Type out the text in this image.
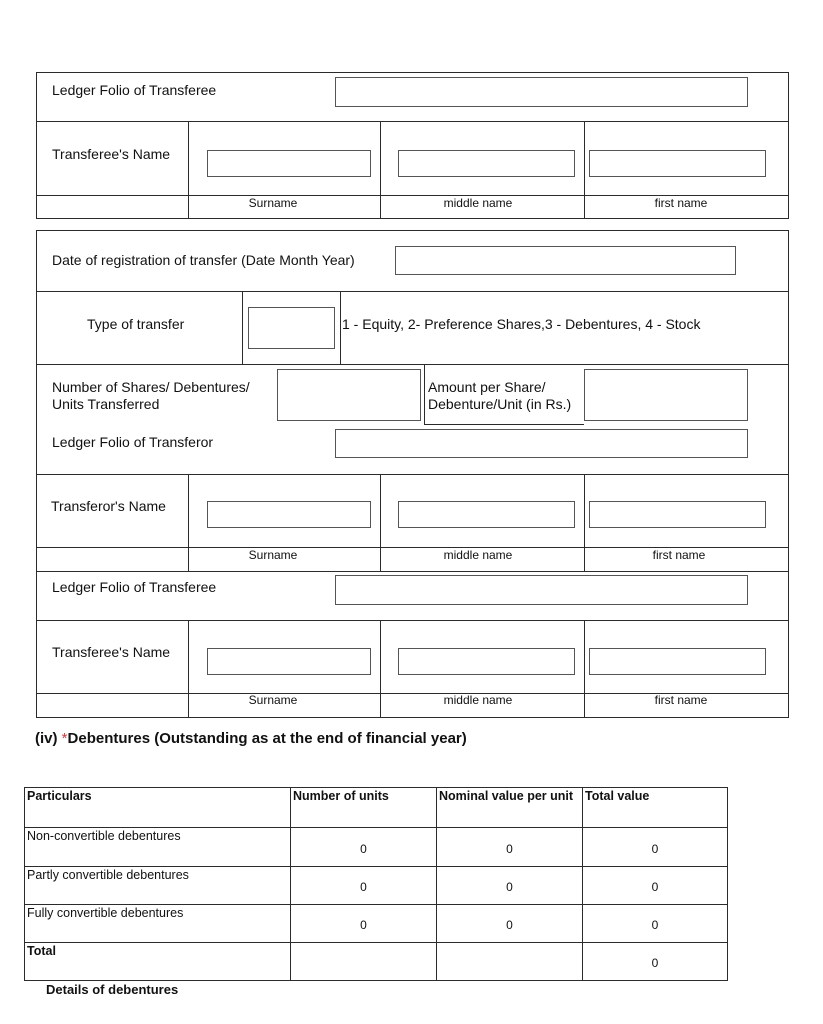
Ledger Folio of Transferee
Transferee's Name
Surname	middle name	first name
Date of registration of transfer (Date Month Year)
Type of transfer	1 - Equity, 2- Preference Shares,3 - Debentures, 4 - Stock
Number of Shares/ Debentures/
Units Transferred
Amount per Share/
Debenture/Unit (in Rs.)
Ledger Folio of Transferor
Transferor's Name
Surname	middle name	first name
Ledger Folio of Transferee
Transferee's Name
Surname	middle name	first name
(iv) *Debentures (Outstanding as at the end of financial year)
Particulars	Number of units	Nominal value per unit	Total value
Non-convertible debentures	0	0	0
Partly convertible debentures	0	0	0
Fully convertible debentures	0	0	0
Total			0
Details of debentures
